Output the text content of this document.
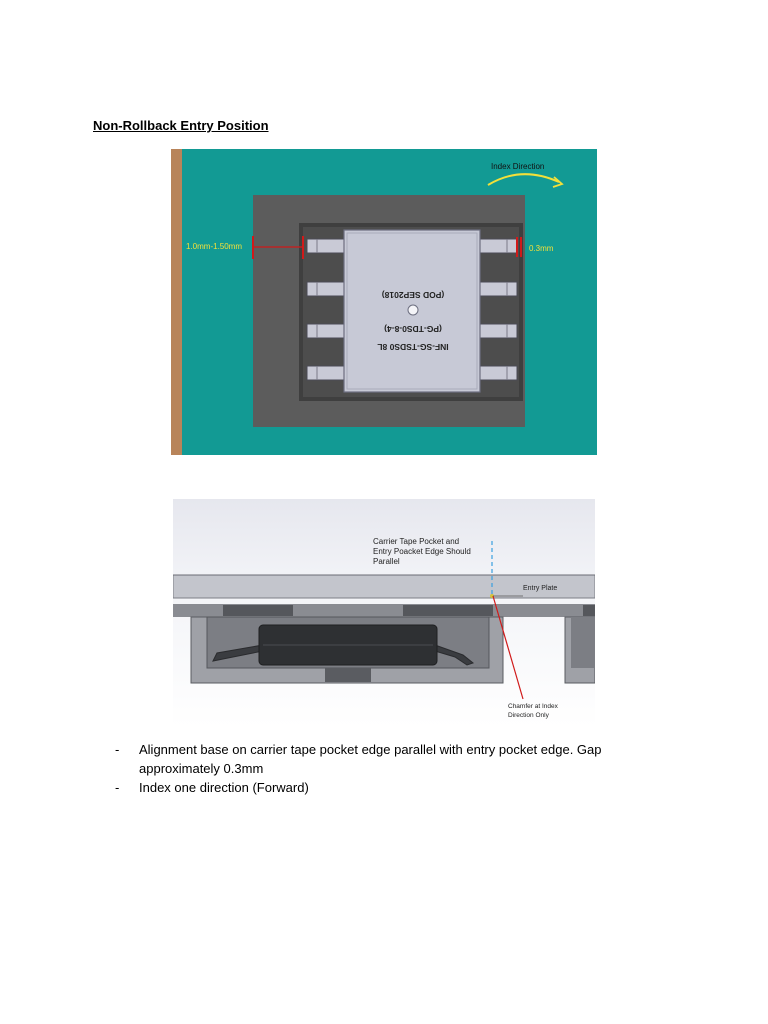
Non-Rollback Entry Position

(POD SEP2018)
(PG-TDS0-8-4)
INF-SG-TSDS0 8L
Index Direction
1.0mm-1.50mm	0.3mm
Carrier Tape Pocket and
Entry Poacket Edge Should
Parallel
Entry Plate
Chamfer at Index
Direction Only
- Alignment base on carrier tape pocket edge parallel with entry pocket edge. Gap approximately 0.3mm
- Index one direction (Forward)
